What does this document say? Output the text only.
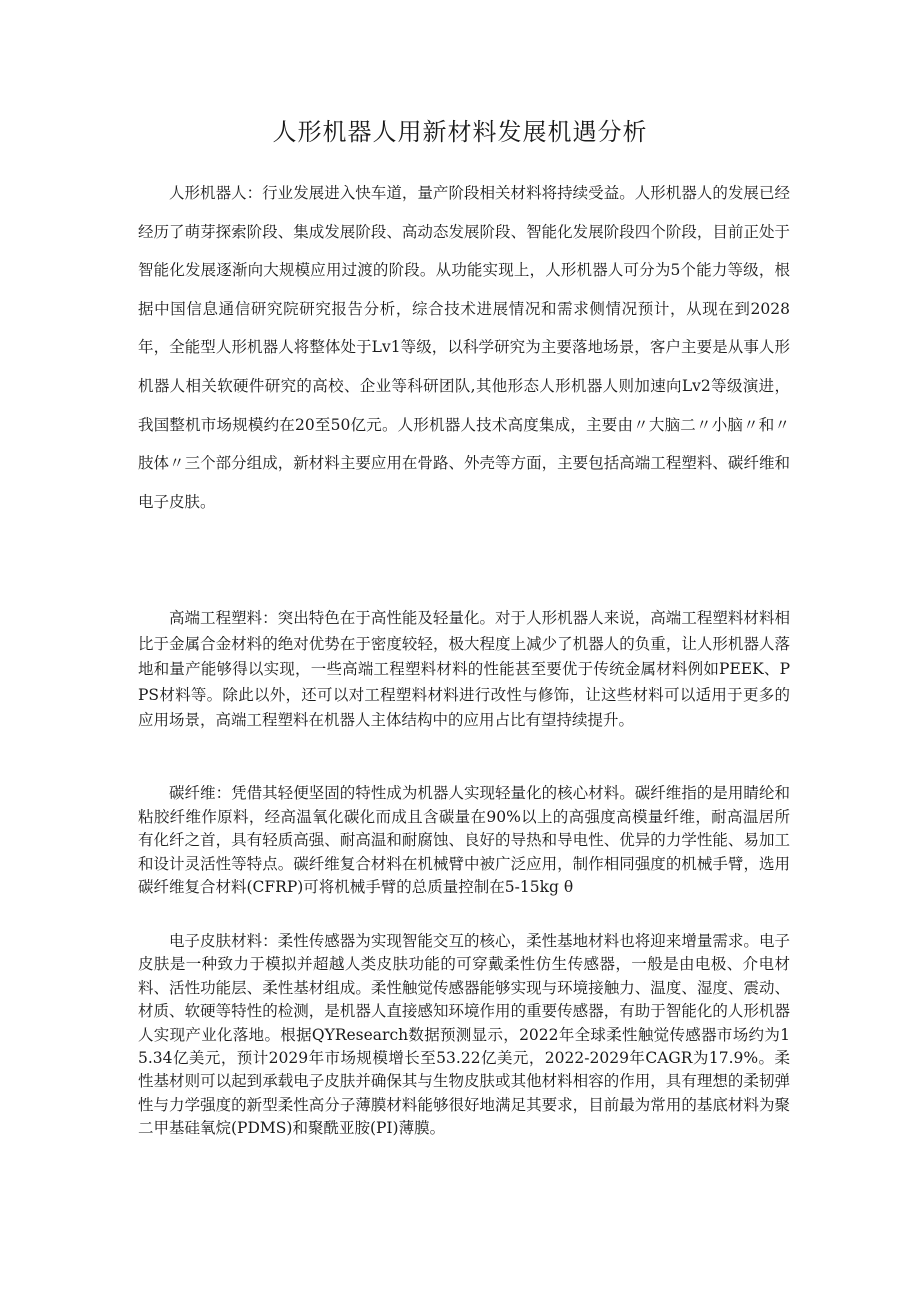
人形机器人用新材料发展机遇分析

人形机器人：行业发展进入快车道，量产阶段相关材料将持续受益。人形机器人的发展已经经历了萌芽探索阶段、集成发展阶段、高动态发展阶段、智能化发展阶段四个阶段，目前正处于智能化发展逐渐向大规模应用过渡的阶段。从功能实现上，人形机器人可分为5个能力等级，根据中国信息通信研究院研究报告分析，综合技术进展情况和需求侧情况预计，从现在到2028年，全能型人形机器人将整体处于Lv1等级，以科学研究为主要落地场景，客户主要是从事人形机器人相关软硬件研究的高校、企业等科研团队,其他形态人形机器人则加速向Lv2等级演进，我国整机市场规模约在20至50亿元。人形机器人技术高度集成，主要由〃大脑二〃小脑〃和〃肢体〃三个部分组成，新材料主要应用在骨路、外壳等方面，主要包括高端工程塑料、碳纤维和电子皮肤。

高端工程塑料：突出特色在于高性能及轻量化。对于人形机器人来说，高端工程塑料材料相比于金属合金材料的绝对优势在于密度较轻，极大程度上减少了机器人的负重，让人形机器人落地和量产能够得以实现，一些高端工程塑料材料的性能甚至要优于传统金属材料例如PEEK、PPS材料等。除此以外，还可以对工程塑料材料进行改性与修饰，让这些材料可以适用于更多的应用场景，高端工程塑料在机器人主体结构中的应用占比有望持续提升。

碳纤维：凭借其轻便坚固的特性成为机器人实现轻量化的核心材料。碳纤维指的是用睛纶和粘胶纤维作原料，经高温氧化碳化而成且含碳量在90%以上的高强度高模量纤维，耐高温居所有化纤之首，具有轻质高强、耐高温和耐腐蚀、良好的导热和导电性、优异的力学性能、易加工和设计灵活性等特点。碳纤维复合材料在机械臂中被广泛应用，制作相同强度的机械手臂，选用碳纤维复合材料(CFRP)可将机械手臂的总质量控制在5-15kg θ

电子皮肤材料：柔性传感器为实现智能交互的核心，柔性基地材料也将迎来增量需求。电子皮肤是一种致力于模拟并超越人类皮肤功能的可穿戴柔性仿生传感器，一般是由电极、介电材料、活性功能层、柔性基材组成。柔性触觉传感器能够实现与环境接触力、温度、湿度、震动、材质、软硬等特性的检测，是机器人直接感知环境作用的重要传感器，有助于智能化的人形机器人实现产业化落地。根据QYResearch数据预测显示，2022年全球柔性触觉传感器市场约为15.34亿美元，预计2029年市场规模增长至53.22亿美元，2022-2029年CAGR为17.9%。柔性基材则可以起到承载电子皮肤并确保其与生物皮肤或其他材料相容的作用，具有理想的柔韧弹性与力学强度的新型柔性高分子薄膜材料能够很好地满足其要求，目前最为常用的基底材料为聚二甲基硅氧烷(PDMS)和聚酰亚胺(PI)薄膜。
